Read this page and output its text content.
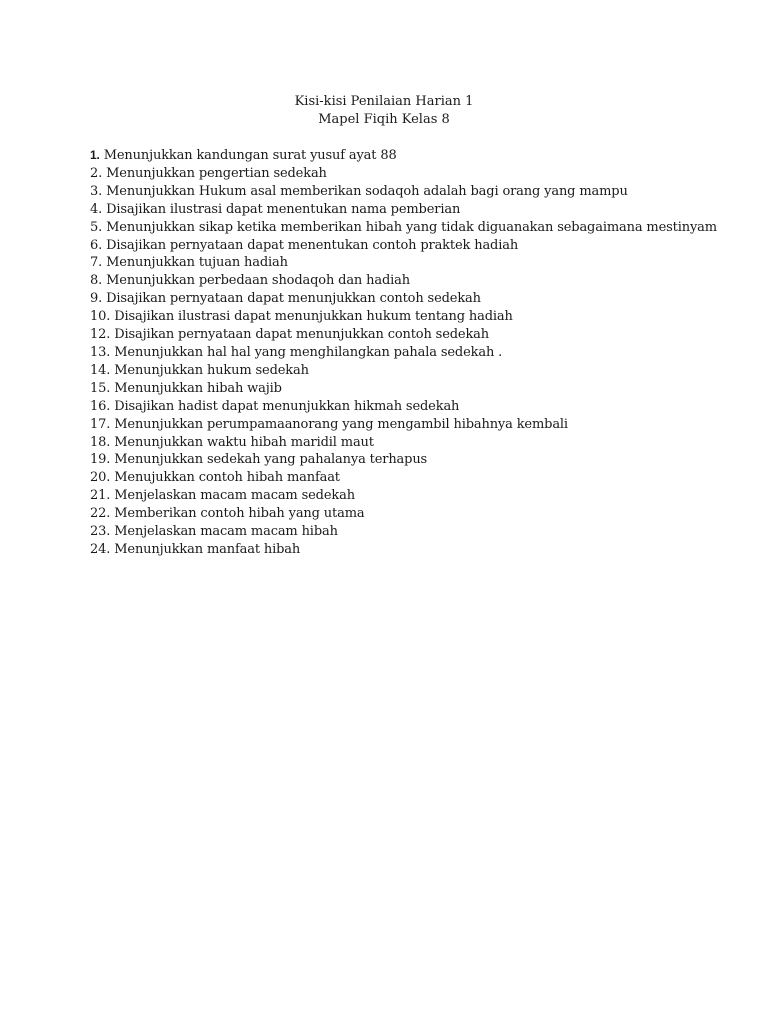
Kisi-kisi Penilaian Harian 1
Mapel Fiqih Kelas 8
1. Menunjukkan kandungan surat yusuf ayat 88
2. Menunjukkan pengertian sedekah
3. Menunjukkan Hukum asal memberikan sodaqoh adalah bagi orang yang mampu
4. Disajikan ilustrasi dapat menentukan nama pemberian
5. Menunjukkan sikap ketika memberikan hibah yang tidak diguanakan sebagaimana mestinyam
6. Disajikan pernyataan dapat menentukan contoh praktek hadiah
7. Menunjukkan tujuan hadiah
8. Menunjukkan perbedaan shodaqoh dan hadiah
9. Disajikan pernyataan dapat menunjukkan contoh sedekah
10. Disajikan ilustrasi dapat menunjukkan hukum tentang hadiah
12. Disajikan pernyataan dapat menunjukkan contoh sedekah
13. Menunjukkan hal hal yang menghilangkan pahala sedekah .
14. Menunjukkan hukum sedekah
15. Menunjukkan hibah wajib
16. Disajikan hadist dapat menunjukkan hikmah sedekah
17. Menunjukkan perumpamaanorang yang mengambil hibahnya kembali
18. Menunjukkan waktu hibah maridil maut
19. Menunjukkan sedekah yang pahalanya terhapus
20. Menujukkan contoh hibah manfaat
21. Menjelaskan macam macam sedekah
22. Memberikan contoh hibah yang utama
23. Menjelaskan macam macam hibah
24. Menunjukkan manfaat hibah
